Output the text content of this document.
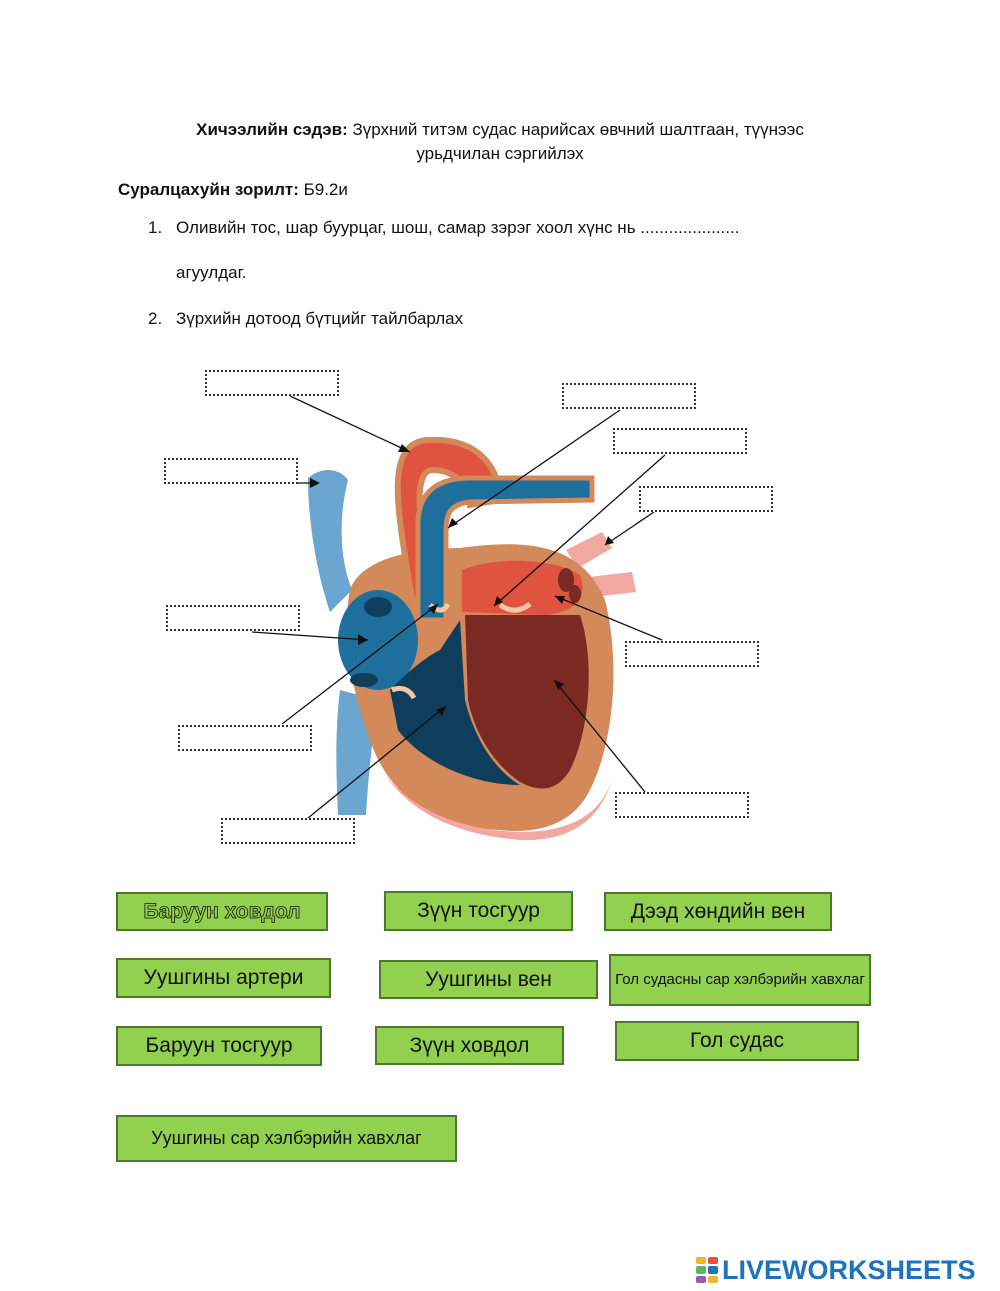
Хичээлийн сэдэв: Зүрхний титэм судас нарийсах өвчний шалтгаан, түүнээс
урьдчилан сэргийлэх
Суралцахуйн зорилт: Б9.2и
1. Оливийн тос, шар буурцаг, шош, самар зэрэг хоол хүнс нь .....................
агуулдаг.
2. Зүрхийн дотоод бүтцийг тайлбарлах
Баруун ховдол	Зүүн тосгуур	Дээд хөндийн вен
Уушгины артери	Уушгины вен	Гол судасны сар хэлбэрийн хавхлаг
Баруун тосгуур	Зүүн ховдол	Гол судас
Уушгины сар хэлбэрийн хавхлаг
LIVEWORKSHEETS
